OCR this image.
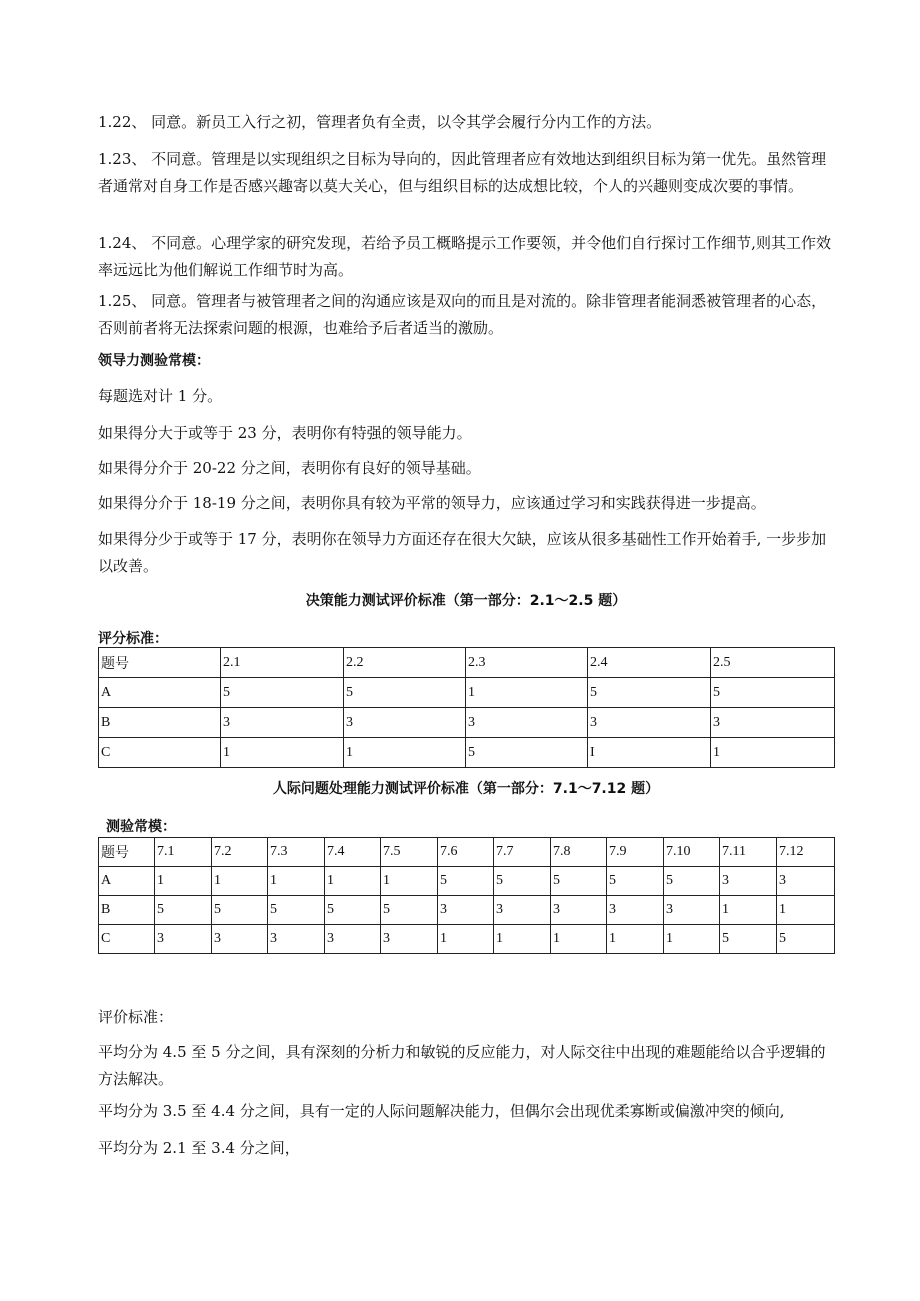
1.22、 同意。新员工入行之初，管理者负有全责，以令其学会履行分内工作的方法。

1.23、 不同意。管理是以实现组织之目标为导向的，因此管理者应有效地达到组织目标为第一优先。虽然管理者通常对自身工作是否感兴趣寄以莫大关心，但与组织目标的达成想比较，个人的兴趣则变成次要的事情。

1.24、 不同意。心理学家的研究发现，若给予员工概略提示工作要领，并令他们自行探讨工作细节,则其工作效率远远比为他们解说工作细节时为高。

1.25、 同意。管理者与被管理者之间的沟通应该是双向的而且是对流的。除非管理者能洞悉被管理者的心态，否则前者将无法探索问题的根源，也难给予后者适当的激励。

领导力测验常模：

每题选对计 1 分。

如果得分大于或等于 23 分，表明你有特强的领导能力。

如果得分介于 20-22 分之间，表明你有良好的领导基础。

如果得分介于 18-19 分之间，表明你具有较为平常的领导力，应该通过学习和实践获得进一步提高。

如果得分少于或等于 17 分，表明你在领导力方面还存在很大欠缺，应该从很多基础性工作开始着手, 一步步加以改善。

决策能力测试评价标准（第一部分：2.1～2.5 题）

评分标准：

题号	2.1	2.2	2.3	2.4	2.5
A	5	5	1	5	5
B	3	3	3	3	3
C	1	1	5	I	1

人际问题处理能力测试评价标准（第一部分：7.1～7.12 题）

测验常模：

题号	7.1	7.2	7.3	7.4	7.5	7.6	7.7	7.8	7.9	7.10	7.11	7.12
A	1	1	1	1	1	5	5	5	5	5	3	3
B	5	5	5	5	5	3	3	3	3	3	1	1
C	3	3	3	3	3	1	1	1	1	1	5	5

评价标准：

平均分为 4.5 至 5 分之间，具有深刻的分析力和敏锐的反应能力，对人际交往中出现的难题能给以合乎逻辑的方法解决。

平均分为 3.5 至 4.4 分之间，具有一定的人际问题解决能力，但偶尔会出现优柔寡断或偏激冲突的倾向,

平均分为 2.1 至 3.4 分之间，
